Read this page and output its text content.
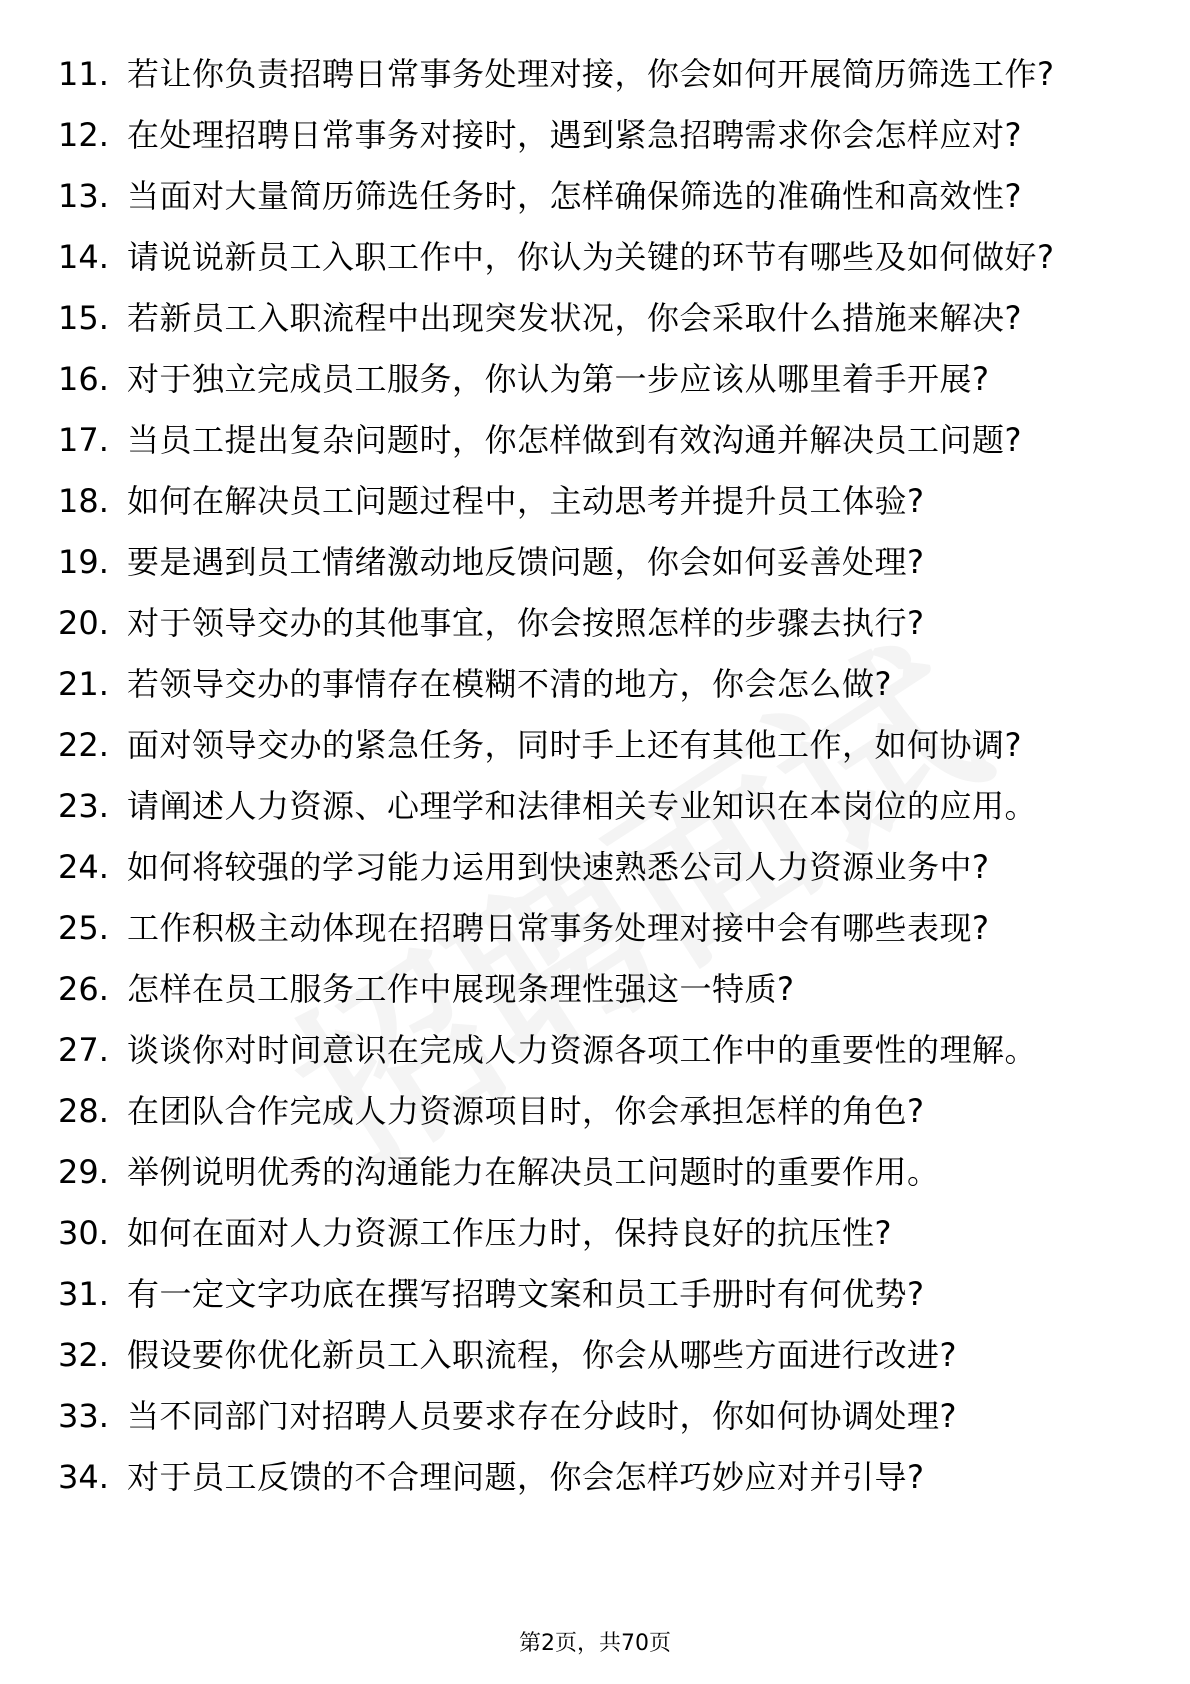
11. 若让你负责招聘日常事务处理对接，你会如何开展简历筛选工作?
12. 在处理招聘日常事务对接时，遇到紧急招聘需求你会怎样应对?
13. 当面对大量简历筛选任务时，怎样确保筛选的准确性和高效性?
14. 请说说新员工入职工作中，你认为关键的环节有哪些及如何做好?
15. 若新员工入职流程中出现突发状况，你会采取什么措施来解决?
16. 对于独立完成员工服务，你认为第一步应该从哪里着手开展?
17. 当员工提出复杂问题时，你怎样做到有效沟通并解决员工问题?
18. 如何在解决员工问题过程中，主动思考并提升员工体验?
19. 要是遇到员工情绪激动地反馈问题，你会如何妥善处理?
20. 对于领导交办的其他事宜，你会按照怎样的步骤去执行?
21. 若领导交办的事情存在模糊不清的地方，你会怎么做?
22. 面对领导交办的紧急任务，同时手上还有其他工作，如何协调?
23. 请阐述人力资源、心理学和法律相关专业知识在本岗位的应用。
24. 如何将较强的学习能力运用到快速熟悉公司人力资源业务中?
25. 工作积极主动体现在招聘日常事务处理对接中会有哪些表现?
26. 怎样在员工服务工作中展现条理性强这一特质?
27. 谈谈你对时间意识在完成人力资源各项工作中的重要性的理解。
28. 在团队合作完成人力资源项目时，你会承担怎样的角色?
29. 举例说明优秀的沟通能力在解决员工问题时的重要作用。
30. 如何在面对人力资源工作压力时，保持良好的抗压性?
31. 有一定文字功底在撰写招聘文案和员工手册时有何优势?
32. 假设要你优化新员工入职流程，你会从哪些方面进行改进?
33. 当不同部门对招聘人员要求存在分歧时，你如何协调处理?
34. 对于员工反馈的不合理问题，你会怎样巧妙应对并引导?
第2页，共70页
